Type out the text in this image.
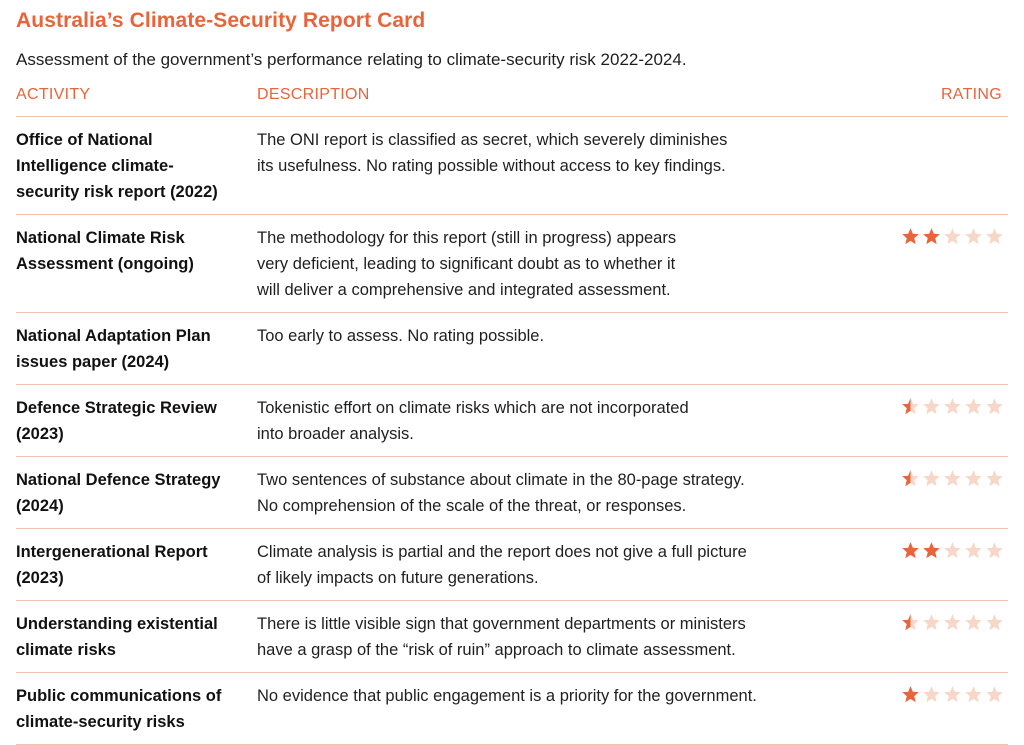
Australia’s Climate-Security Report Card
Assessment of the government’s performance relating to climate-security risk 2022-2024.
ACTIVITY	DESCRIPTION	RATING
Office of National
Intelligence climate-
security risk report (2022)
The ONI report is classified as secret, which severely diminishes
its usefulness. No rating possible without access to key findings.
National Climate Risk
Assessment (ongoing)
The methodology for this report (still in progress) appears
very deficient, leading to significant doubt as to whether it
will deliver a comprehensive and integrated assessment.
National Adaptation Plan
issues paper (2024)
Too early to assess. No rating possible.
Defence Strategic Review
(2023)
Tokenistic effort on climate risks which are not incorporated
into broader analysis.
National Defence Strategy
(2024)
Two sentences of substance about climate in the 80-page strategy.
No comprehension of the scale of the threat, or responses.
Intergenerational Report
(2023)
Climate analysis is partial and the report does not give a full picture
of likely impacts on future generations.
Understanding existential
climate risks
There is little visible sign that government departments or ministers
have a grasp of the “risk of ruin” approach to climate assessment.
Public communications of
climate-security risks
No evidence that public engagement is a priority for the government.
